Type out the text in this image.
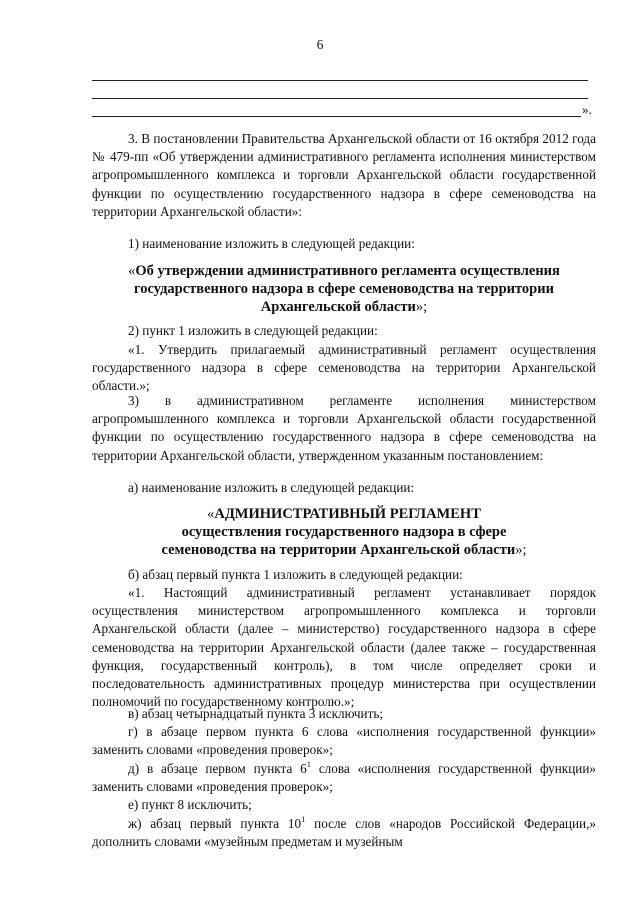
6
».
3. В постановлении Правительства Архангельской области от 16 октября 2012 года № 479-пп «Об утверждении административного регламента исполнения министерством агропромышленного комплекса и торговли Архангельской области государственной функции по осуществлению государственного надзора в сфере семеноводства на территории Архангельской области»:
1) наименование изложить в следующей редакции:
«Об утверждении административного регламента осуществления
государственного надзора в сфере семеноводства на территории
Архангельской области»;
2) пункт 1 изложить в следующей редакции:
«1. Утвердить прилагаемый административный регламент осуществления государственного надзора в сфере семеноводства на территории Архангельской области.»;
3) в административном регламенте исполнения министерством агропромышленного комплекса и торговли Архангельской области государственной функции по осуществлению государственного надзора в сфере семеноводства на территории Архангельской области, утвержденном указанным постановлением:
а) наименование изложить в следующей редакции:
«АДМИНИСТРАТИВНЫЙ РЕГЛАМЕНТ
осуществления государственного надзора в сфере
семеноводства на территории Архангельской области»;
б) абзац первый пункта 1 изложить в следующей редакции:
«1. Настоящий административный регламент устанавливает порядок осуществления министерством агропромышленного комплекса и торговли Архангельской области (далее – министерство) государственного надзора в сфере семеноводства на территории Архангельской области (далее также – государственная функция, государственный контроль), в том числе определяет сроки и последовательность административных процедур министерства при осуществлении полномочий по государственному контролю.»;
в) абзац четырнадцатый пункта 3 исключить;
г) в абзаце первом пункта 6 слова «исполнения государственной функции» заменить словами «проведения проверок»;
д) в абзаце первом пункта $6^1$ слова «исполнения государственной функции» заменить словами «проведения проверок»;
е) пункт 8 исключить;
ж) абзац первый пункта $10^1$ после слов «народов Российской Федерации,» дополнить словами «музейным предметам и музейным
